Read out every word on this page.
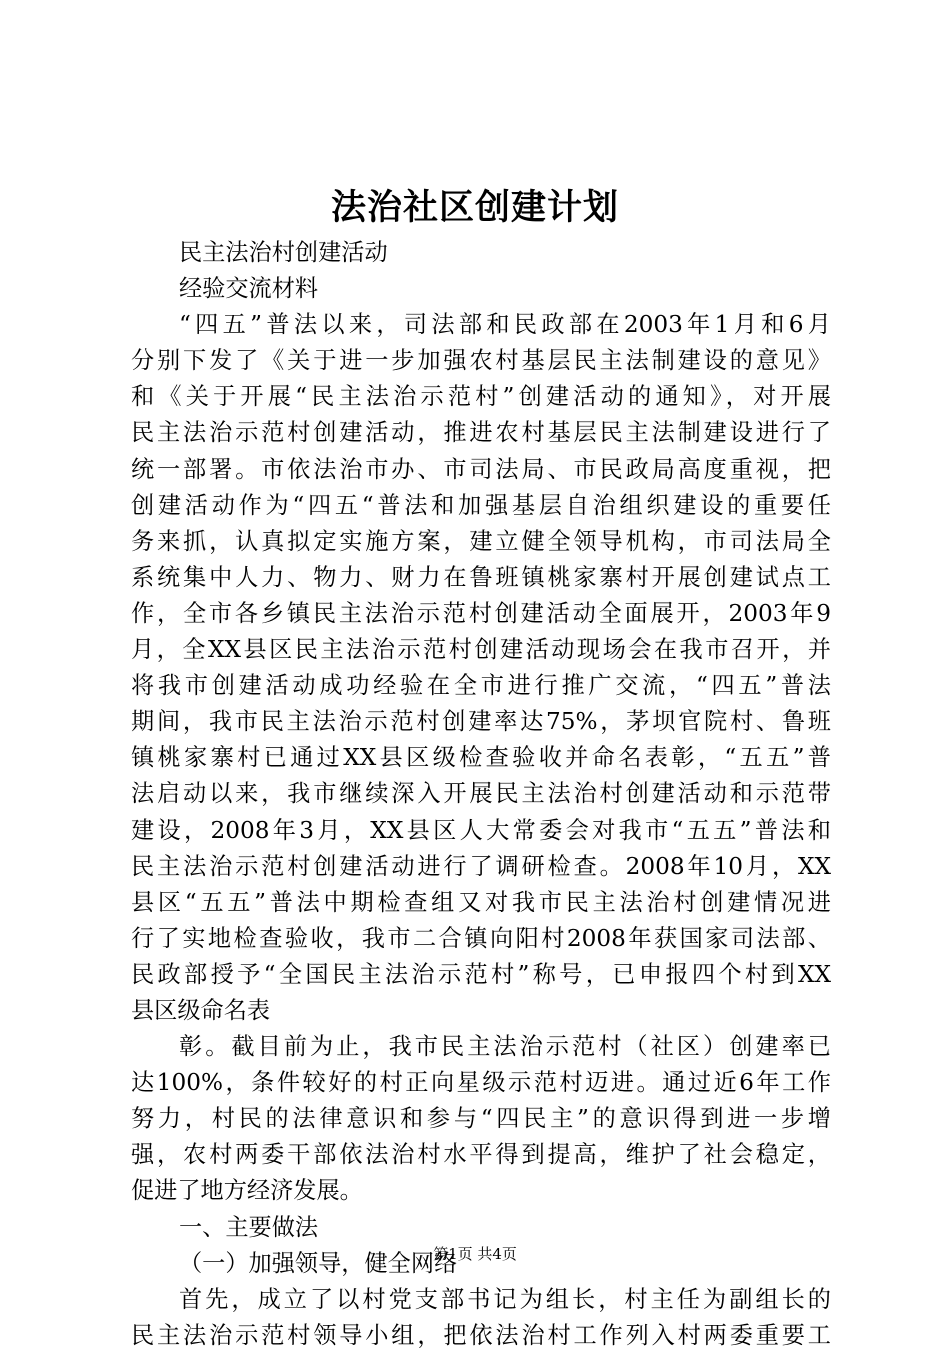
法治社区创建计划
民主法治村创建活动
经验交流材料
“四五”普法以来，司法部和民政部在2003年1月和6月
分别下发了《关于进一步加强农村基层民主法制建设的意见》
和《关于开展“民主法治示范村”创建活动的通知》，对开展
民主法治示范村创建活动，推进农村基层民主法制建设进行了
统一部署。市依法治市办、市司法局、市民政局高度重视，把
创建活动作为“四五“普法和加强基层自治组织建设的重要任
务来抓，认真拟定实施方案，建立健全领导机构，市司法局全
系统集中人力、物力、财力在鲁班镇桃家寨村开展创建试点工
作，全市各乡镇民主法治示范村创建活动全面展开，2003年9
月，全XX县区民主法治示范村创建活动现场会在我市召开，并
将我市创建活动成功经验在全市进行推广交流，“四五”普法
期间，我市民主法治示范村创建率达75%，茅坝官院村、鲁班
镇桃家寨村已通过XX县区级检查验收并命名表彰，“五五”普
法启动以来，我市继续深入开展民主法治村创建活动和示范带
建设，2008年3月，XX县区人大常委会对我市“五五”普法和
民主法治示范村创建活动进行了调研检查。2008年10月，XX
县区“五五”普法中期检查组又对我市民主法治村创建情况进
行了实地检查验收，我市二合镇向阳村2008年获国家司法部、
民政部授予“全国民主法治示范村”称号，已申报四个村到XX
县区级命名表
彰。截目前为止，我市民主法治示范村（社区）创建率已
达100%，条件较好的村正向星级示范村迈进。通过近6年工作
努力，村民的法律意识和参与“四民主”的意识得到进一步增
强，农村两委干部依法治村水平得到提高，维护了社会稳定，
促进了地方经济发展。
一、主要做法
（一）加强领导，健全网络
首先，成立了以村党支部书记为组长，村主任为副组长的
民主法治示范村领导小组，把依法治村工作列入村两委重要工
第1页 共4页
